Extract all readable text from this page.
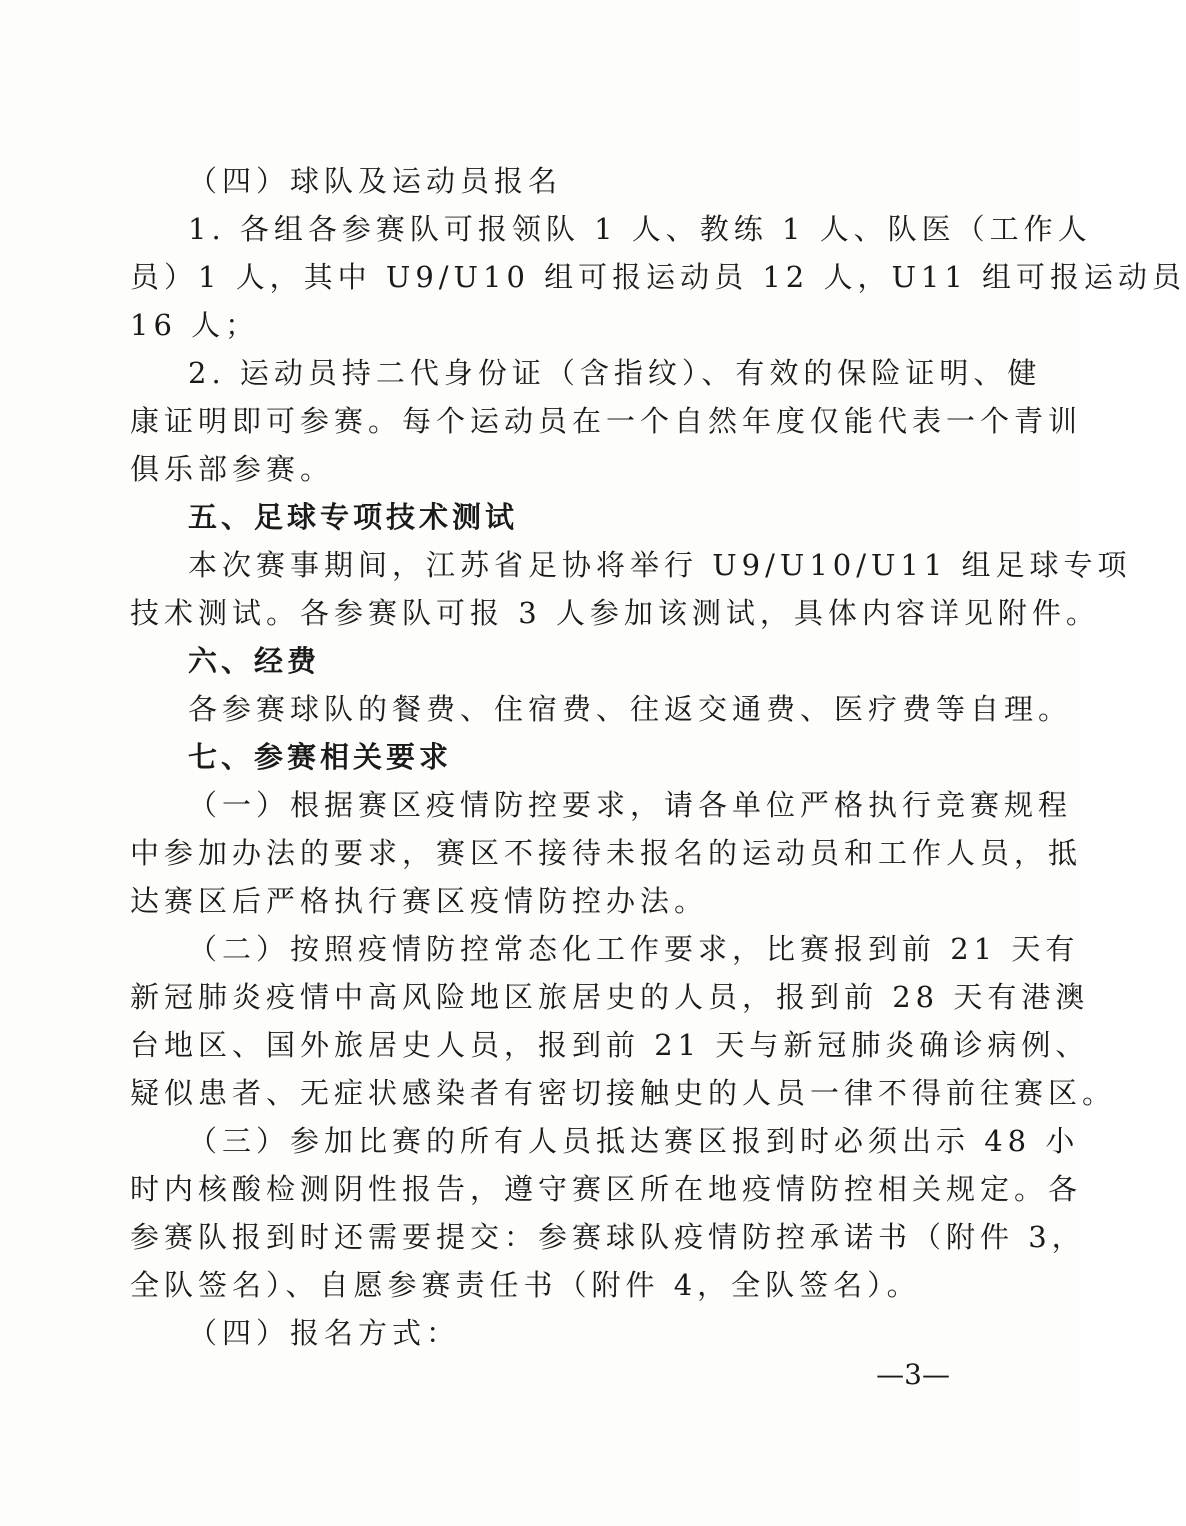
（四）球队及运动员报名
1. 各组各参赛队可报领队 1 人、教练 1 人、队医（工作人
员）1 人，其中 U9/U10 组可报运动员 12 人，U11 组可报运动员
16 人；
2. 运动员持二代身份证（含指纹）、有效的保险证明、健
康证明即可参赛。每个运动员在一个自然年度仅能代表一个青训
俱乐部参赛。
五、足球专项技术测试
本次赛事期间，江苏省足协将举行 U9/U10/U11 组足球专项
技术测试。各参赛队可报 3 人参加该测试，具体内容详见附件。
六、经费
各参赛球队的餐费、住宿费、往返交通费、医疗费等自理。
七、参赛相关要求
（一）根据赛区疫情防控要求，请各单位严格执行竞赛规程
中参加办法的要求，赛区不接待未报名的运动员和工作人员，抵
达赛区后严格执行赛区疫情防控办法。
（二）按照疫情防控常态化工作要求，比赛报到前 21 天有
新冠肺炎疫情中高风险地区旅居史的人员，报到前 28 天有港澳
台地区、国外旅居史人员，报到前 21 天与新冠肺炎确诊病例、
疑似患者、无症状感染者有密切接触史的人员一律不得前往赛区。
（三）参加比赛的所有人员抵达赛区报到时必须出示 48 小
时内核酸检测阴性报告，遵守赛区所在地疫情防控相关规定。各
参赛队报到时还需要提交：参赛球队疫情防控承诺书（附件 3，
全队签名）、自愿参赛责任书（附件 4，全队签名）。
（四）报名方式：
—3—
